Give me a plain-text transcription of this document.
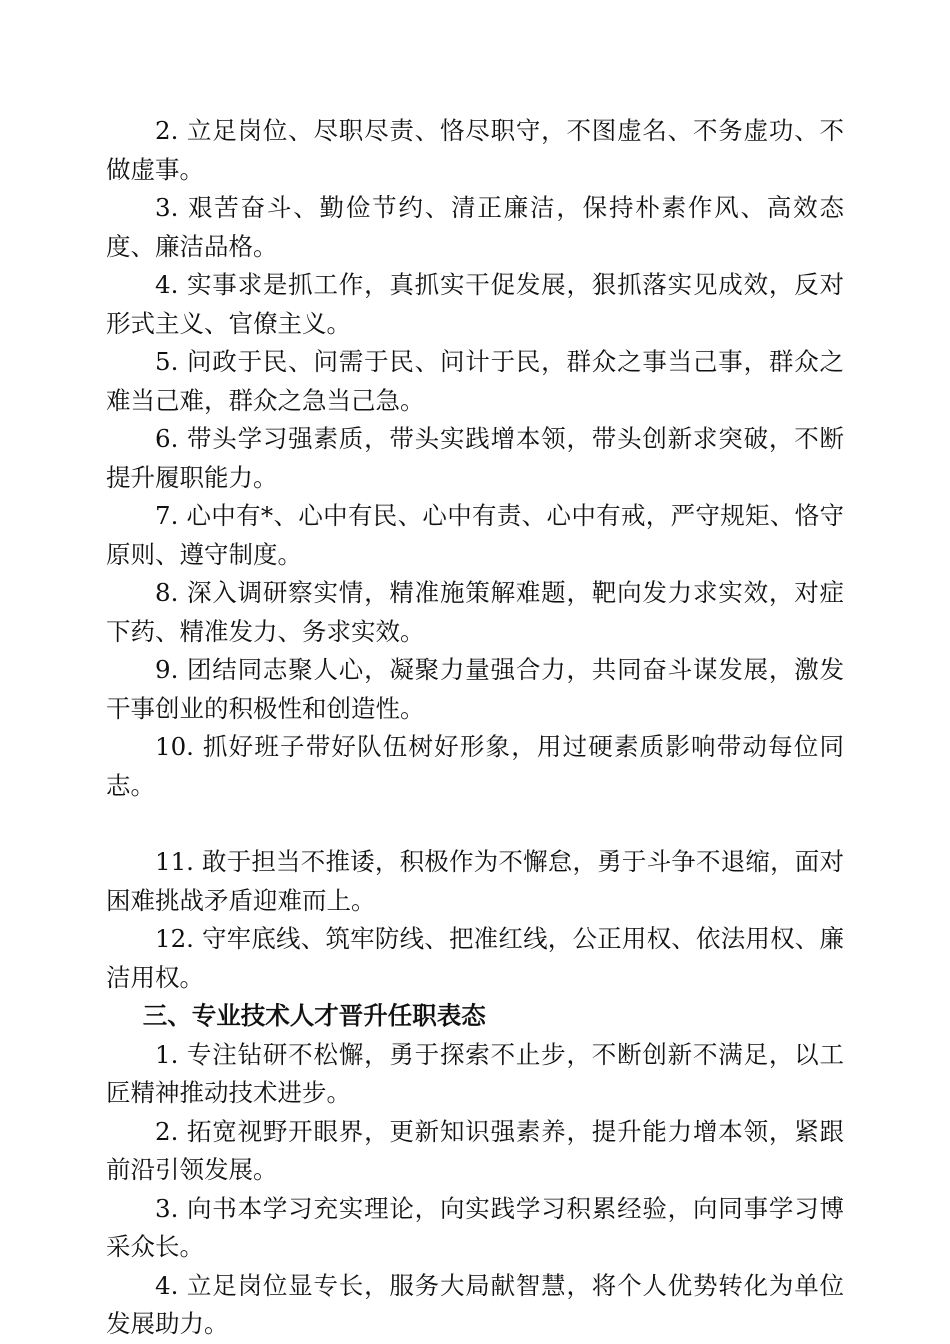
2. 立足岗位、尽职尽责、恪尽职守，不图虚名、不务虚功、不做虚事。

3. 艰苦奋斗、勤俭节约、清正廉洁，保持朴素作风、高效态度、廉洁品格。

4. 实事求是抓工作，真抓实干促发展，狠抓落实见成效，反对形式主义、官僚主义。

5. 问政于民、问需于民、问计于民，群众之事当己事，群众之难当己难，群众之急当己急。

6. 带头学习强素质，带头实践增本领，带头创新求突破，不断提升履职能力。

7. 心中有*、心中有民、心中有责、心中有戒，严守规矩、恪守原则、遵守制度。

8. 深入调研察实情，精准施策解难题，靶向发力求实效，对症下药、精准发力、务求实效。

9. 团结同志聚人心，凝聚力量强合力，共同奋斗谋发展，激发干事创业的积极性和创造性。

10. 抓好班子带好队伍树好形象，用过硬素质影响带动每位同志。

11. 敢于担当不推诿，积极作为不懈怠，勇于斗争不退缩，面对困难挑战矛盾迎难而上。

12. 守牢底线、筑牢防线、把准红线，公正用权、依法用权、廉洁用权。

三、专业技术人才晋升任职表态

1. 专注钻研不松懈，勇于探索不止步，不断创新不满足，以工匠精神推动技术进步。

2. 拓宽视野开眼界，更新知识强素养，提升能力增本领，紧跟前沿引领发展。

3. 向书本学习充实理论，向实践学习积累经验，向同事学习博采众长。

4. 立足岗位显专长，服务大局献智慧，将个人优势转化为单位发展助力。
